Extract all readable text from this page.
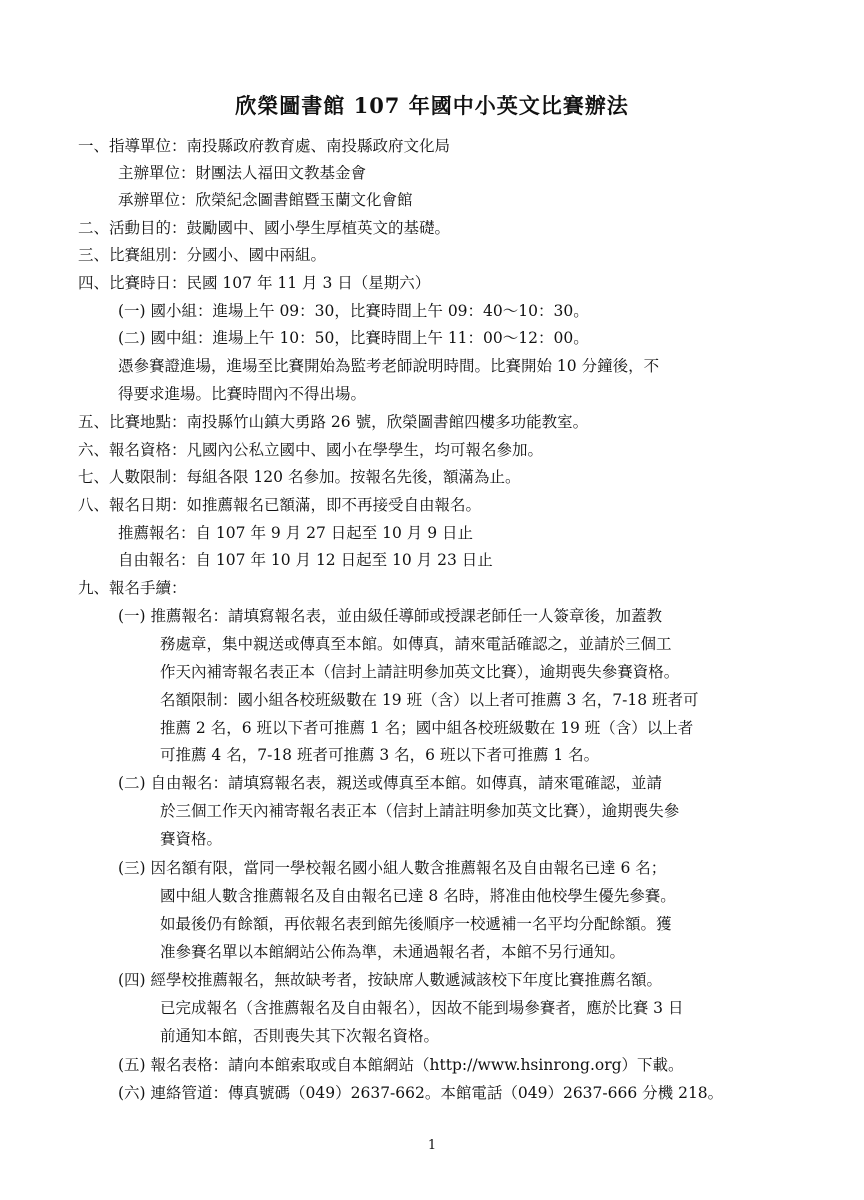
欣榮圖書館 107 年國中小英文比賽辦法
一、指導單位：南投縣政府教育處、南投縣政府文化局
主辦單位：財團法人福田文教基金會
承辦單位：欣榮紀念圖書館暨玉蘭文化會館
二、活動目的：鼓勵國中、國小學生厚植英文的基礎。
三、比賽組別：分國小、國中兩組。
四、比賽時日：民國 107 年 11 月 3 日（星期六）
(一) 國小組：進場上午 09：30，比賽時間上午 09：40～10：30。
(二) 國中組：進場上午 10：50，比賽時間上午 11：00～12：00。
憑參賽證進場，進場至比賽開始為監考老師說明時間。比賽開始 10 分鐘後，不
得要求進場。比賽時間內不得出場。
五、比賽地點：南投縣竹山鎮大勇路 26 號，欣榮圖書館四樓多功能教室。
六、報名資格：凡國內公私立國中、國小在學學生，均可報名參加。
七、人數限制：每組各限 120 名參加。按報名先後，額滿為止。
八、報名日期：如推薦報名已額滿，即不再接受自由報名。
推薦報名：自 107 年 9 月 27 日起至 10 月 9 日止
自由報名：自 107 年 10 月 12 日起至 10 月 23 日止
九、報名手續：
(一) 推薦報名：請填寫報名表，並由級任導師或授課老師任一人簽章後，加蓋教
務處章，集中親送或傳真至本館。如傳真，請來電話確認之，並請於三個工
作天內補寄報名表正本（信封上請註明參加英文比賽），逾期喪失參賽資格。
名額限制：國小組各校班級數在 19 班（含）以上者可推薦 3 名，7-18 班者可
推薦 2 名，6 班以下者可推薦 1 名；國中組各校班級數在 19 班（含）以上者
可推薦 4 名，7-18 班者可推薦 3 名，6 班以下者可推薦 1 名。
(二) 自由報名：請填寫報名表，親送或傳真至本館。如傳真，請來電確認，並請
於三個工作天內補寄報名表正本（信封上請註明參加英文比賽），逾期喪失參
賽資格。
(三) 因名額有限，當同一學校報名國小組人數含推薦報名及自由報名已達 6 名；
國中組人數含推薦報名及自由報名已達 8 名時，將准由他校學生優先參賽。
如最後仍有餘額，再依報名表到館先後順序一校遞補一名平均分配餘額。獲
准參賽名單以本館網站公佈為準，未通過報名者，本館不另行通知。
(四) 經學校推薦報名，無故缺考者，按缺席人數遞減該校下年度比賽推薦名額。
已完成報名（含推薦報名及自由報名），因故不能到場參賽者，應於比賽 3 日
前通知本館，否則喪失其下次報名資格。
(五) 報名表格：請向本館索取或自本館網站（http://www.hsinrong.org）下載。
(六) 連絡管道：傳真號碼（049）2637-662。本館電話（049）2637-666 分機 218。
1
